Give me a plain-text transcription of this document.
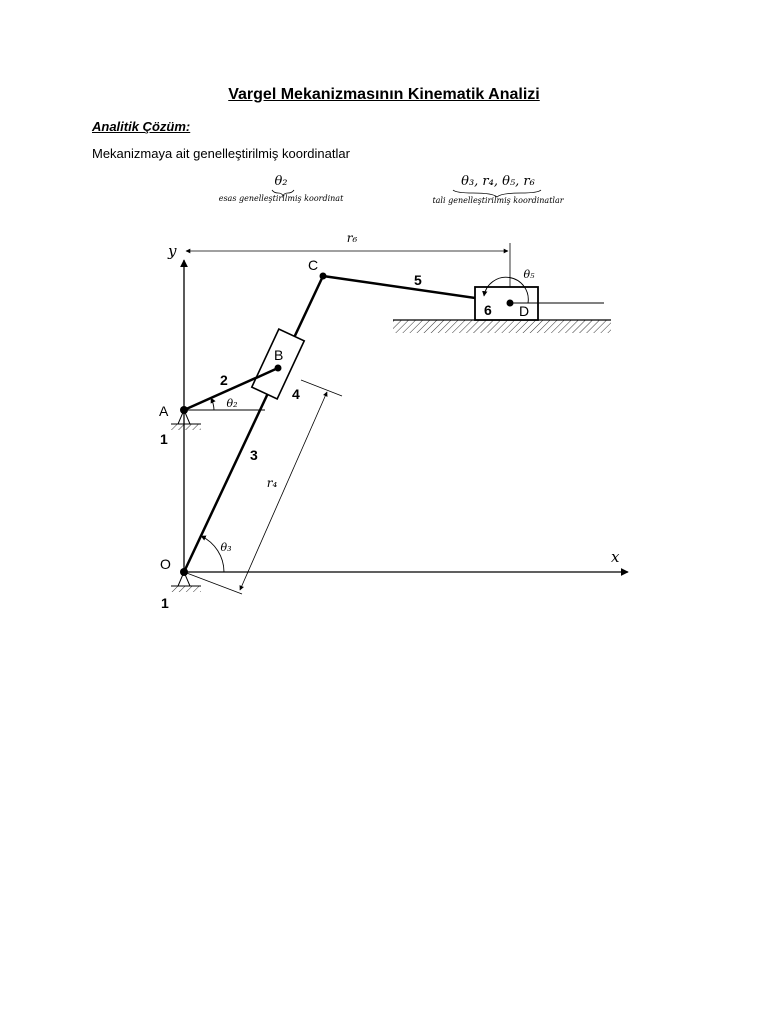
Vargel Mekanizmasının Kinematik Analizi
Analitik Çözüm:
Mekanizmaya ait genelleştirilmiş koordinatlar
θ₂
esas genelleştirilmiş koordinat
θ₃, r₄, θ₅, r₆
tali genelleştirilmiş koordinatlar
y
x
r₆
r₄
θ₂
θ₃
θ₅
A
O
B
C
D
1
1
2
3
4
5
6
